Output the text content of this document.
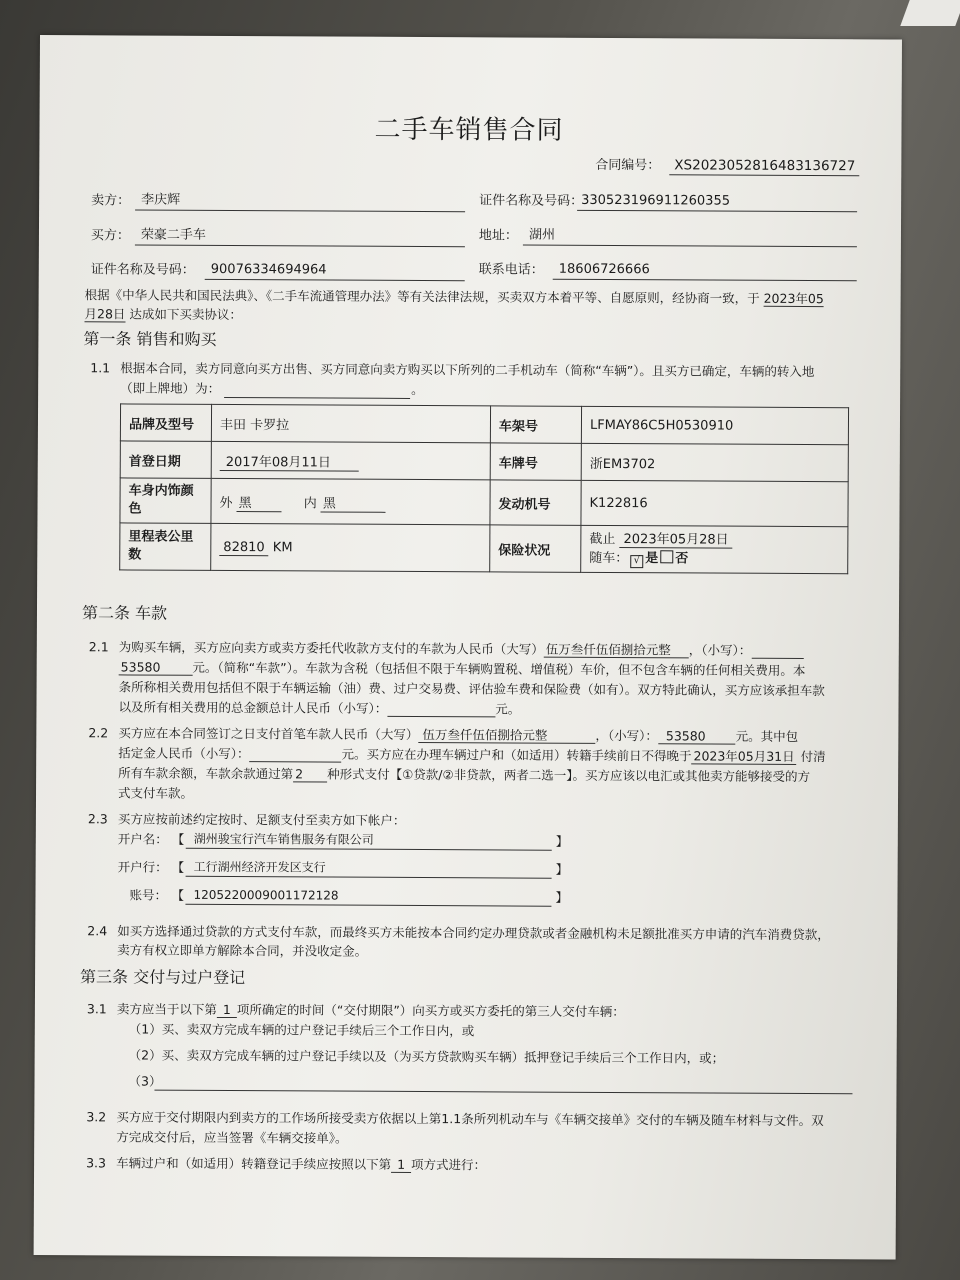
二手车销售合同
合同编号： XS2023052816483136727
卖方： 李庆辉	证件名称及号码：
330523196911260355
买方： 荣豪二手车	地址： 湖州
证件名称及号码： 90076334694964	联系电话： 18606726666
根据《中华人民共和国民法典》、《二手车流通管理办法》等有关法律法规，买卖双方本着平等、自愿原则，经协商一致，于 2023年05
月28日 达成如下买卖协议：
第一条 销售和购买
1.1 根据本合同，卖方同意向买方出售、买方同意向卖方购买以下所列的二手机动车（简称“车辆”）。且买方已确定，车辆的转入地
（即上牌地）为：	。
品牌及型号	丰田 卡罗拉	车架号	LFMAY86C5H0530910
首登日期	2017年08月11日	车牌号	浙EM3702
车身内饰颜
色	外 黑 内 黑	发动机号	K122816
里程表公里
数	82810 KM	保险状况	截止 2023年05月28日
随车： √ 是 否
第二条 车款
2.1 为购买车辆，买方应向卖方或卖方委托代收款方支付的车款为人民币（大写） 伍万叁仟伍佰捌拾元整 ，（小写）：
53580	元。（简称“车款”）。车款为含税（包括但不限于车辆购置税、增值税）车价，但不包含车辆的任何相关费用。本
条所称相关费用包括但不限于车辆运输（油）费、过户交易费、评估验车费和保险费（如有）。双方特此确认，买方应该承担车款
以及所有相关费用的总金额总计人民币（小写）：	元。
2.2 买方应在本合同签订之日支付首笔车款人民币（大写） 伍万叁仟伍佰捌拾元整	，（小写）： 53580 元。其中包
括定金人民币（小写）：	元。买方应在办理车辆过户和（如适用）转籍手续前日不得晚于 2023年05月31日 付清
所有车款余额，车款余款通过第 2 种形式支付【①贷款/②非贷款，两者二选一】。买方应该以电汇或其他卖方能够接受的方
式支付车款。
2.3 买方应按前述约定按时、足额支付至卖方如下帐户：
开户名： 【 湖州骏宝行汽车销售服务有限公司	】
开户行： 【 工行湖州经济开发区支行	】
账号： 【 1205220009001172128	】
2.4 如买方选择通过贷款的方式支付车款，而最终买方未能按本合同约定办理贷款或者金融机构未足额批准买方申请的汽车消费贷款，
卖方有权立即单方解除本合同，并没收定金。
第三条 交付与过户登记
3.1 卖方应当于以下第 1 项所确定的时间（“交付期限”）向买方或买方委托的第三人交付车辆：
（1）买、卖双方完成车辆的过户登记手续后三个工作日内，或
（2）买、卖双方完成车辆的过户登记手续以及（为买方贷款购买车辆）抵押登记手续后三个工作日内，或；
（3）
3.2 买方应于交付期限内到卖方的工作场所接受卖方依据以上第1.1条所列机动车与《车辆交接单》交付的车辆及随车材料与文件。双
方完成交付后，应当签署《车辆交接单》。
3.3 车辆过户和（如适用）转籍登记手续应按照以下第 1 项方式进行：
